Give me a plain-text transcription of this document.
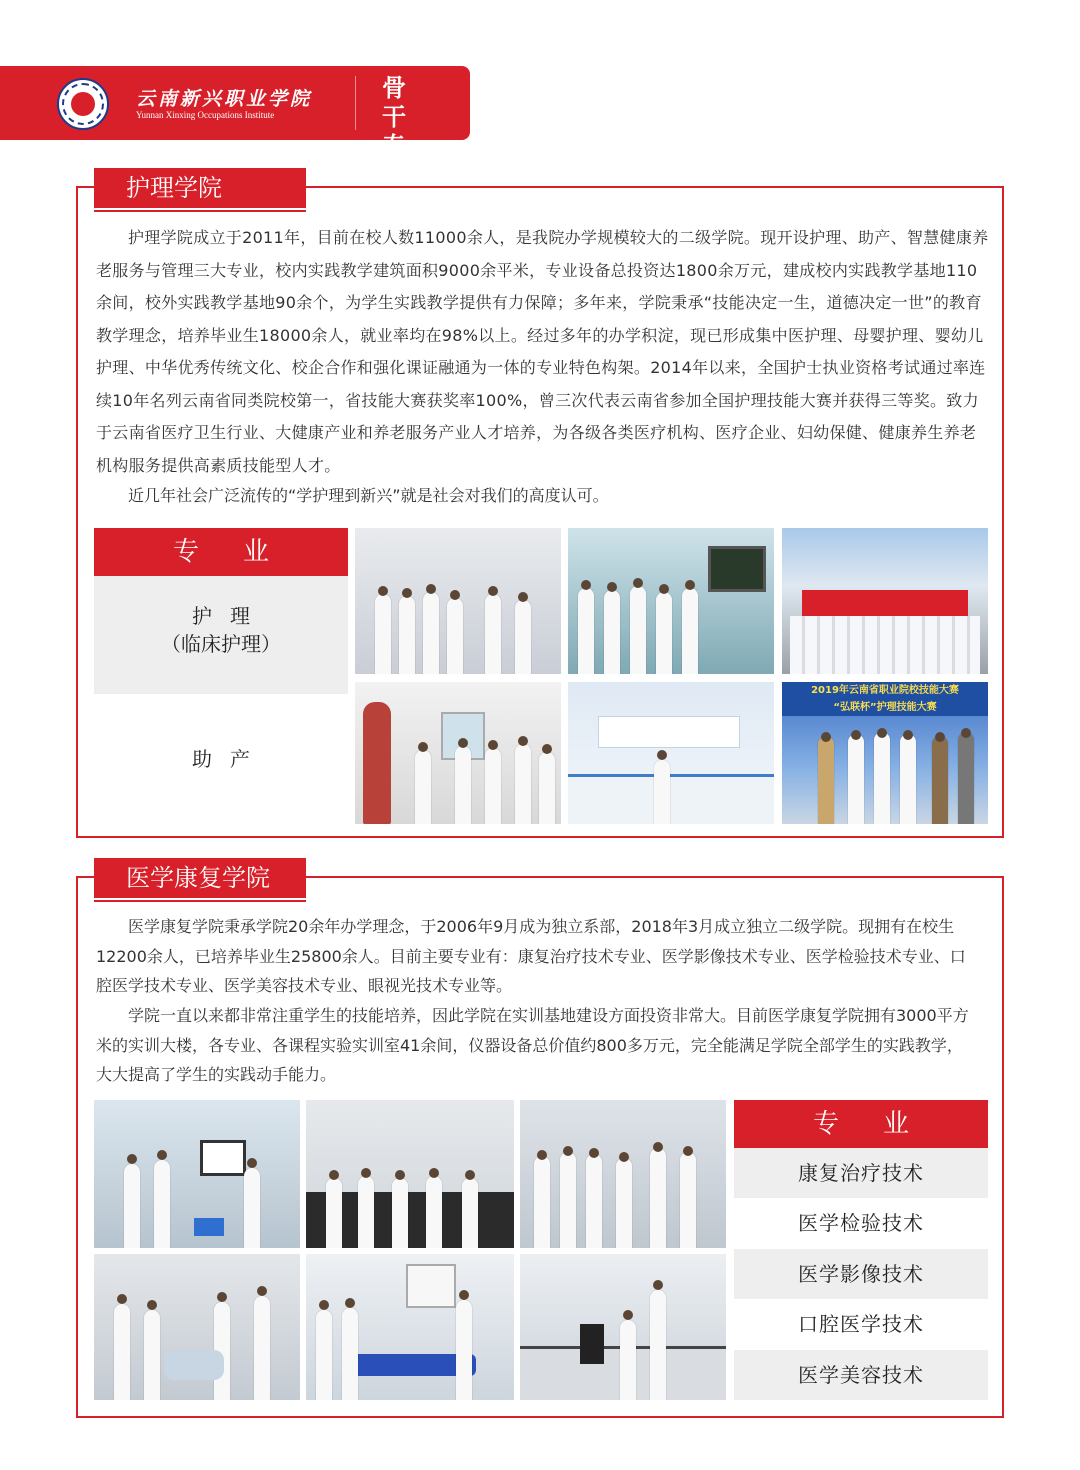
云南新兴职业学院
Yunnan Xinxing Occupations Institute
骨干
专业
护理学院

护理学院成立于2011年，目前在校人数11000余人，是我院办学规模较大的二级学院。现开设护理、助产、智慧健康养老服务与管理三大专业，校内实践教学建筑面积9000余平米，专业设备总投资达1800余万元，建成校内实践教学基地110余间，校外实践教学基地90余个，为学生实践教学提供有力保障；多年来，学院秉承“技能决定一生，道德决定一世”的教育教学理念，培养毕业生18000余人，就业率均在98%以上。经过多年的办学积淀，现已形成集中医护理、母婴护理、婴幼儿护理、中华优秀传统文化、校企合作和强化课证融通为一体的专业特色构架。2014年以来，全国护士执业资格考试通过率连续10年名列云南省同类院校第一，省技能大赛获奖率100%，曾三次代表云南省参加全国护理技能大赛并获得三等奖。致力于云南省医疗卫生行业、大健康产业和养老服务产业人才培养，为各级各类医疗机构、医疗企业、妇幼保健、健康养生养老机构服务提供高素质技能型人才。

近几年社会广泛流传的“学护理到新兴”就是社会对我们的高度认可。

专业
护理
（临床护理）
助产
2019年云南省职业院校技能大赛
“弘联杯”护理技能大赛
医学康复学院

医学康复学院秉承学院20余年办学理念，于2006年9月成为独立系部，2018年3月成立独立二级学院。现拥有在校生12200余人，已培养毕业生25800余人。目前主要专业有：康复治疗技术专业、医学影像技术专业、医学检验技术专业、口腔医学技术专业、医学美容技术专业、眼视光技术专业等。

学院一直以来都非常注重学生的技能培养，因此学院在实训基地建设方面投资非常大。目前医学康复学院拥有3000平方米的实训大楼，各专业、各课程实验实训室41余间，仪器设备总价值约800多万元，完全能满足学院全部学生的实践教学，大大提高了学生的实践动手能力。

专业
康复治疗技术
医学检验技术
医学影像技术
口腔医学技术
医学美容技术
